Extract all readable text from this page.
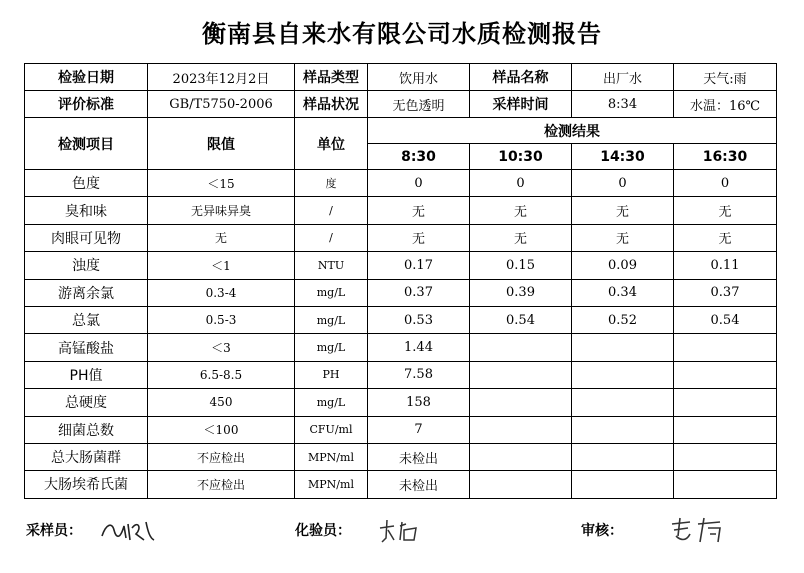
衡南县自来水有限公司水质检测报告
检验日期	2023年12月2日	样品类型	饮用水	样品名称	出厂水	天气:雨
评价标准	GB/T5750-2006	样品状况	无色透明	采样时间	8:34	水温：16℃
检测项目	限值	单位	检测结果			
			8:30	10:30	14:30	16:30
色度	＜15	度	0	0	0	0
臭和味	无异味异臭	/	无	无	无	无
肉眼可见物	无	/	无	无	无	无
浊度	＜1	NTU	0.17	0.15	0.09	0.11
游离余氯	0.3-4	mg/L	0.37	0.39	0.34	0.37
总氯	0.5-3	mg/L	0.53	0.54	0.52	0.54
高锰酸盐	＜3	mg/L	1.44			
PH值	6.5-8.5	PH	7.58			
总硬度	450	mg/L	158			
细菌总数	＜100	CFU/ml	7			
总大肠菌群	不应检出	MPN/ml	未检出			
大肠埃希氏菌	不应检出	MPN/ml	未检出			
采样员：	化验员：	审核：
